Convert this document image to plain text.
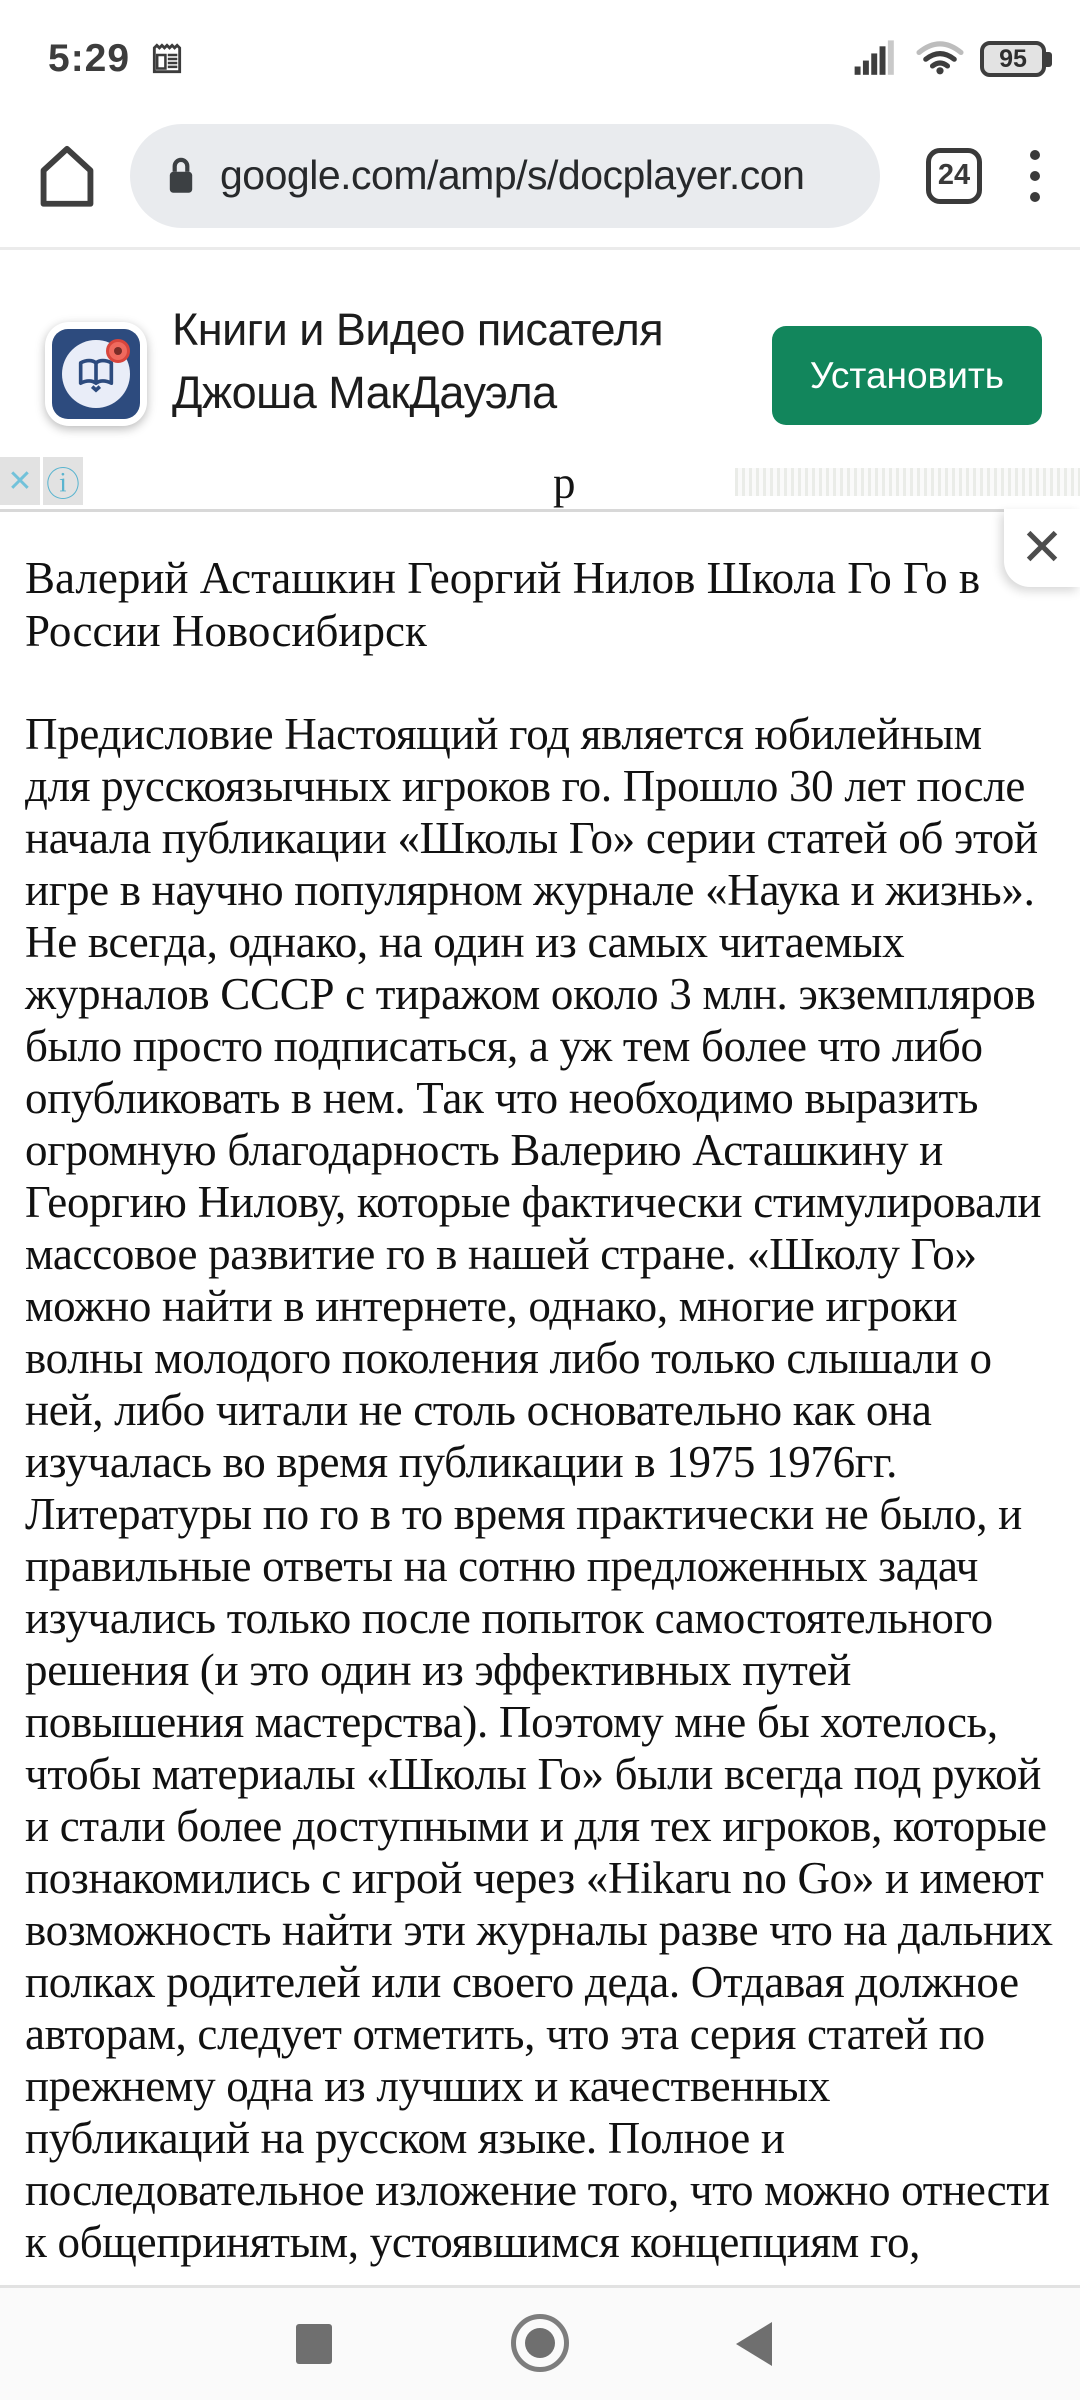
5:29	95
google.com/amp/s/docplayer.con	24
Книги и Видео писателя
Джоша МакДауэла	Установить
✕ ⓘ	р
✕
Валерий Асташкин Георгий Нилов Школа Го Го в
России Новосибирск
Предисловие Настоящий год является юбилейным для русскоязычных игроков го. Прошло 30 лет после начала публикации «Школы Го» серии статей об этой игре в научно популярном журнале «Наука и жизнь». Не всегда, однако, на один из самых читаемых журналов СССР с тиражом около 3 млн. экземпляров было просто подписаться, а уж тем более что либо опубликовать в нем. Так что необходимо выразить огромную благодарность Валерию Асташкину и Георгию Нилову, которые фактически стимулировали массовое развитие го в нашей стране. «Школу Го» можно найти в интернете, однако, многие игроки волны молодого поколения либо только слышали о ней, либо читали не столь основательно как она изучалась во время публикации в 1975 1976гг. Литературы по го в то время практически не было, и правильные ответы на сотню предложенных задач изучались только после попыток самостоятельного решения (и это один из эффективных путей повышения мастерства). Поэтому мне бы хотелось, чтобы материалы «Школы Го» были всегда под рукой и стали более доступными и для тех игроков, которые познакомились с игрой через «Hikaru no Go» и имеют возможность найти эти журналы разве что на дальних полках родителей или своего деда. Отдавая должное авторам, следует отметить, что эта серия статей по прежнему одна из лучших и качественных публикаций на русском языке. Полное и последовательное изложение того, что можно отнести к общепринятым, устоявшимся концепциям го,
